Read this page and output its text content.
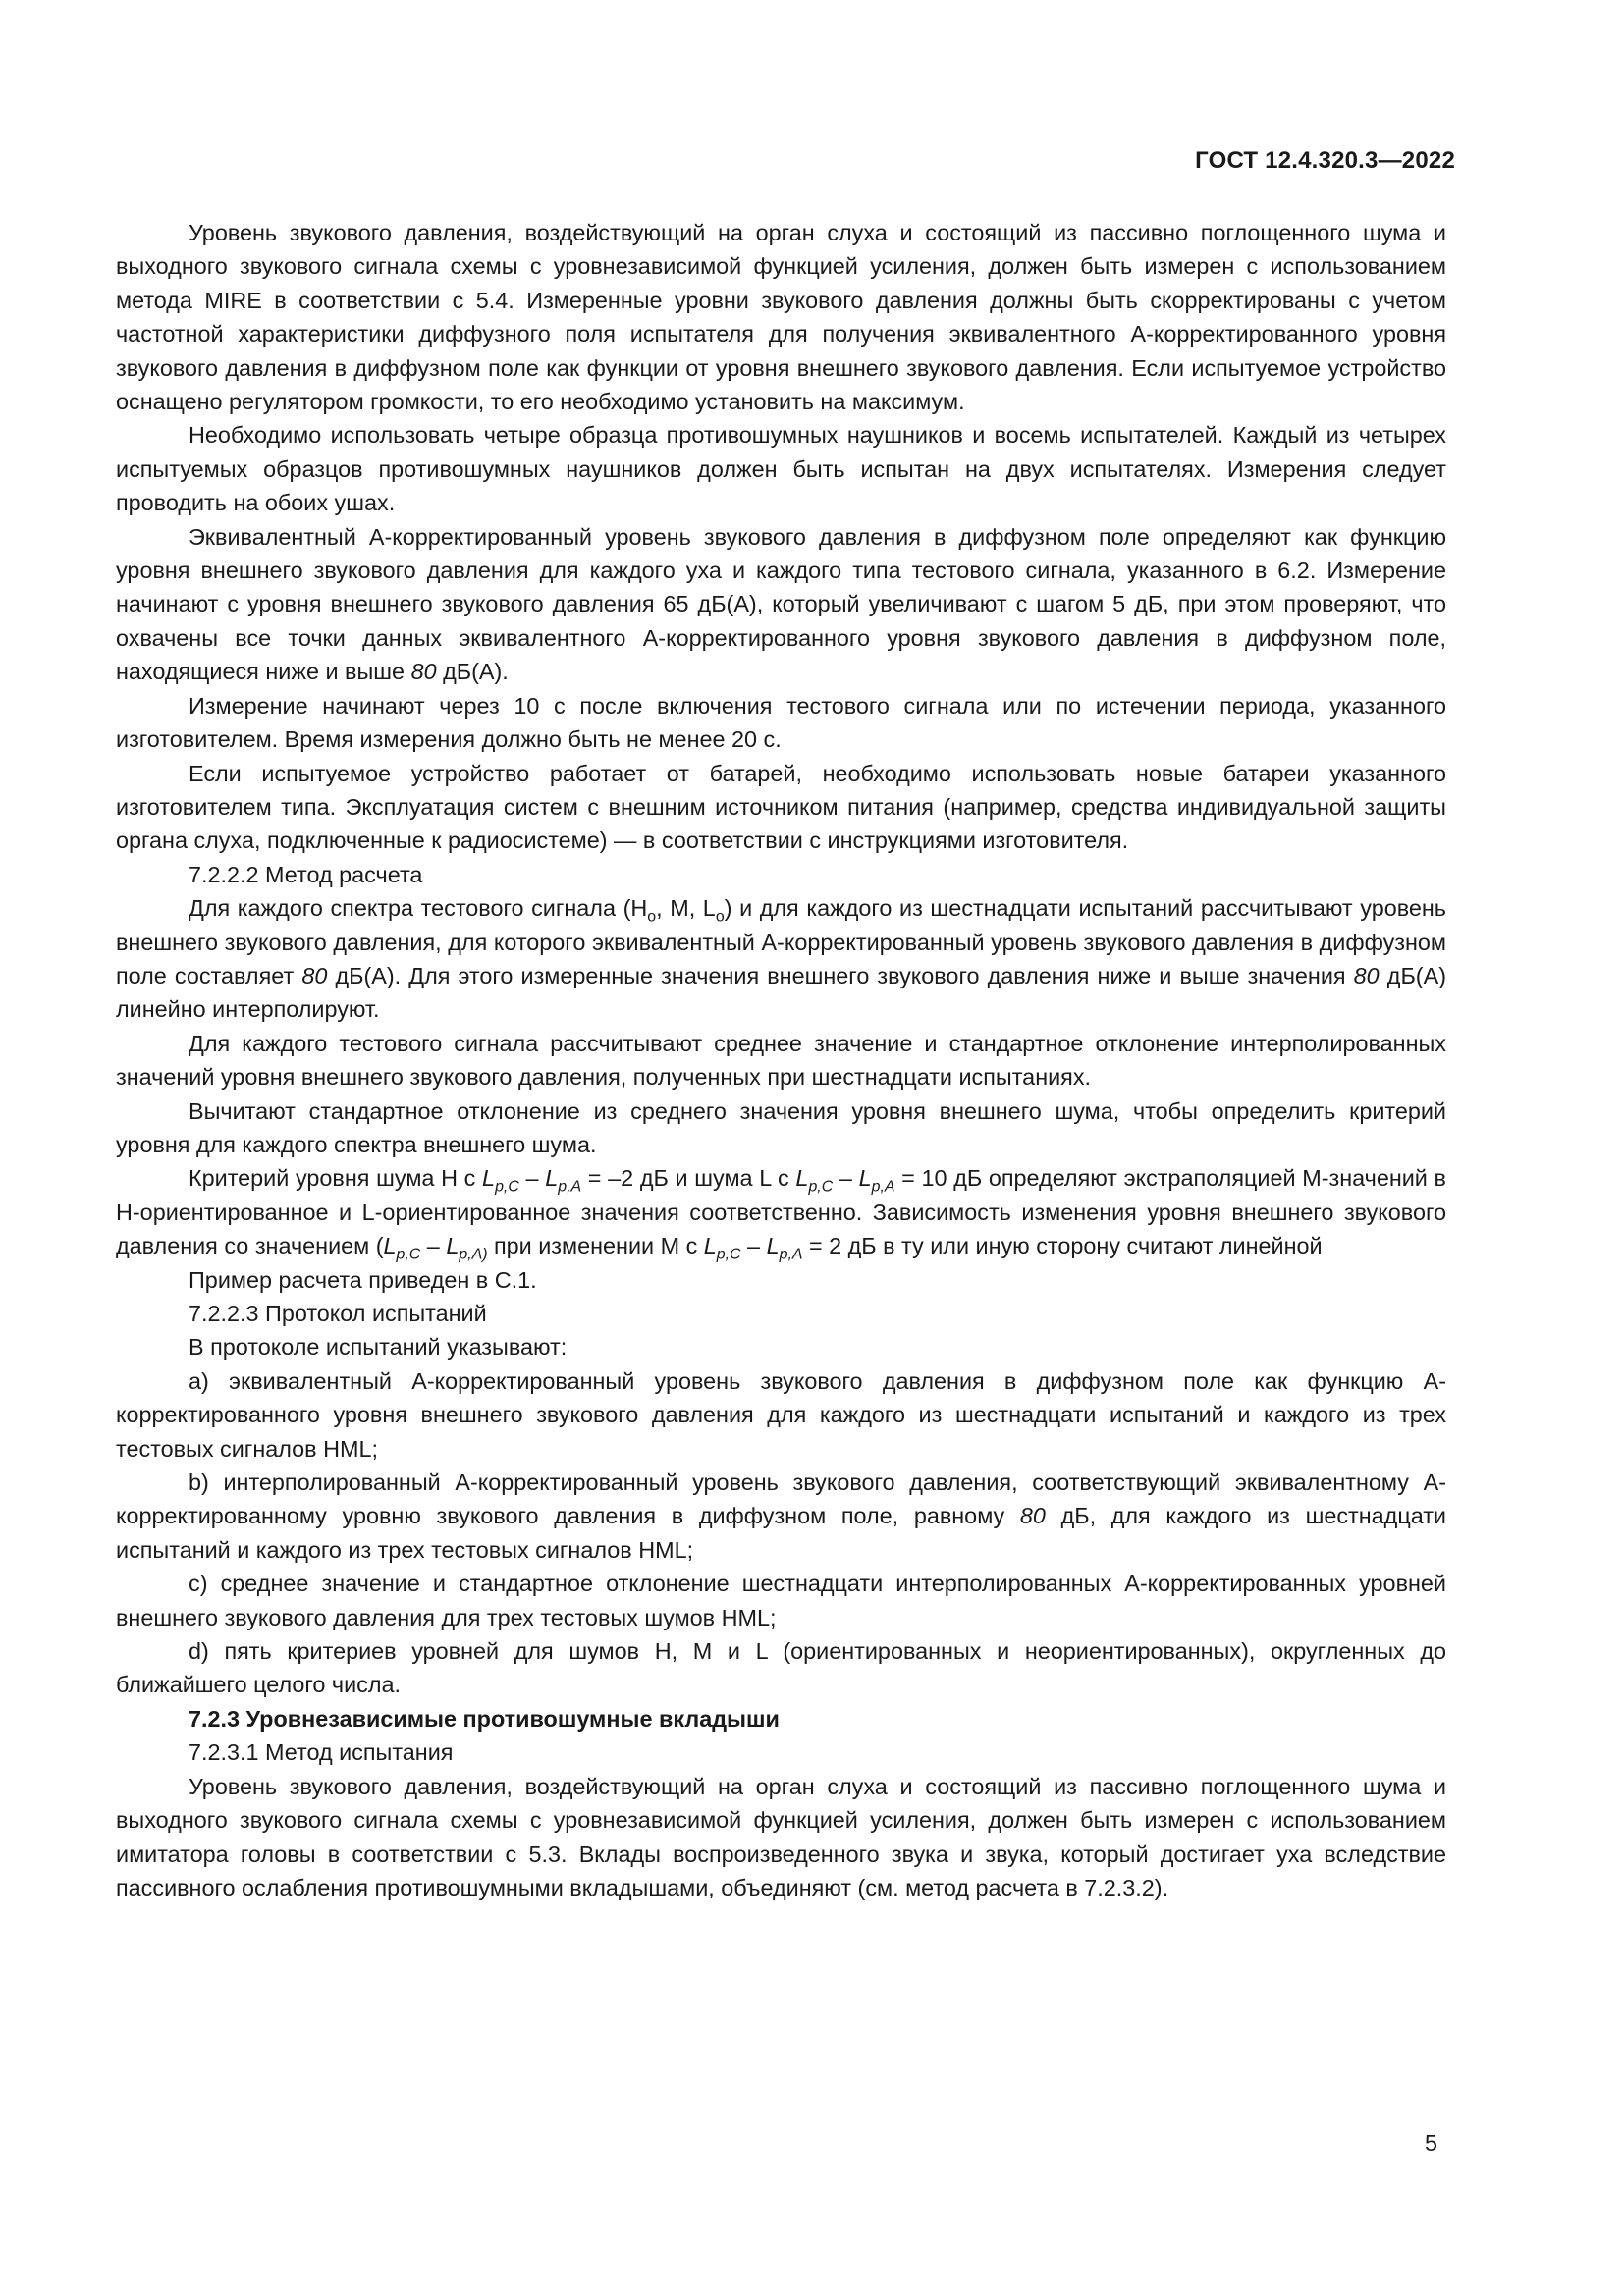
ГОСТ 12.4.320.3—2022

Уровень звукового давления, воздействующий на орган слуха и состоящий из пассивно поглощенного шума и выходного звукового сигнала схемы с уровнезависимой функцией усиления, должен быть измерен с использованием метода MIRE в соответствии с 5.4. Измеренные уровни звукового давления должны быть скорректированы с учетом частотной характеристики диффузного поля испытателя для получения эквивалентного А-корректированного уровня звукового давления в диффузном поле как функции от уровня внешнего звукового давления. Если испытуемое устройство оснащено регулятором громкости, то его необходимо установить на максимум.

Необходимо использовать четыре образца противошумных наушников и восемь испытателей. Каждый из четырех испытуемых образцов противошумных наушников должен быть испытан на двух испытателях. Измерения следует проводить на обоих ушах.

Эквивалентный А-корректированный уровень звукового давления в диффузном поле определяют как функцию уровня внешнего звукового давления для каждого уха и каждого типа тестового сигнала, указанного в 6.2. Измерение начинают с уровня внешнего звукового давления 65 дБ(A), который увеличивают с шагом 5 дБ, при этом проверяют, что охвачены все точки данных эквивалентного А-корректированного уровня звукового давления в диффузном поле, находящиеся ниже и выше 80 дБ(A).

Измерение начинают через 10 с после включения тестового сигнала или по истечении периода, указанного изготовителем. Время измерения должно быть не менее 20 с.

Если испытуемое устройство работает от батарей, необходимо использовать новые батареи указанного изготовителем типа. Эксплуатация систем с внешним источником питания (например, средства индивидуальной защиты органа слуха, подключенные к радиосистеме) — в соответствии с инструкциями изготовителя.

7.2.2.2 Метод расчета

Для каждого спектра тестового сигнала ($H_o$, M, $L_o$) и для каждого из шестнадцати испытаний рассчитывают уровень внешнего звукового давления, для которого эквивалентный А-корректированный уровень звукового давления в диффузном поле составляет 80 дБ(A). Для этого измеренные значения внешнего звукового давления ниже и выше значения 80 дБ(A) линейно интерполируют.

Для каждого тестового сигнала рассчитывают среднее значение и стандартное отклонение интерполированных значений уровня внешнего звукового давления, полученных при шестнадцати испытаниях.

Вычитают стандартное отклонение из среднего значения уровня внешнего шума, чтобы определить критерий уровня для каждого спектра внешнего шума.

Критерий уровня шума H с $L_{p,C} - L_{p,A} = -2$ дБ и шума L с $L_{p,C} - L_{p,A} = 10$ дБ определяют экстраполяцией M-значений в H-ориентированное и L-ориентированное значения соответственно. Зависимость изменения уровня внешнего звукового давления со значением ($L_{p,C} - L_{p,A)}$ при изменении M с $L_{p,C} - L_{p,A} = 2$ дБ в ту или иную сторону считают линейной

Пример расчета приведен в С.1.

7.2.2.3 Протокол испытаний

В протоколе испытаний указывают:

a) эквивалентный А-корректированный уровень звукового давления в диффузном поле как функцию А-корректированного уровня внешнего звукового давления для каждого из шестнадцати испытаний и каждого из трех тестовых сигналов HML;

b) интерполированный А-корректированный уровень звукового давления, соответствующий эквивалентному А-корректированному уровню звукового давления в диффузном поле, равному 80 дБ, для каждого из шестнадцати испытаний и каждого из трех тестовых сигналов HML;

c) среднее значение и стандартное отклонение шестнадцати интерполированных А-корректированных уровней внешнего звукового давления для трех тестовых шумов HML;

d) пять критериев уровней для шумов H, M и L (ориентированных и неориентированных), округленных до ближайшего целого числа.

7.2.3 Уровнезависимые противошумные вкладыши

7.2.3.1 Метод испытания

Уровень звукового давления, воздействующий на орган слуха и состоящий из пассивно поглощенного шума и выходного звукового сигнала схемы с уровнезависимой функцией усиления, должен быть измерен с использованием имитатора головы в соответствии с 5.3. Вклады воспроизведенного звука и звука, который достигает уха вследствие пассивного ослабления противошумными вкладышами, объединяют (см. метод расчета в 7.2.3.2).

5
